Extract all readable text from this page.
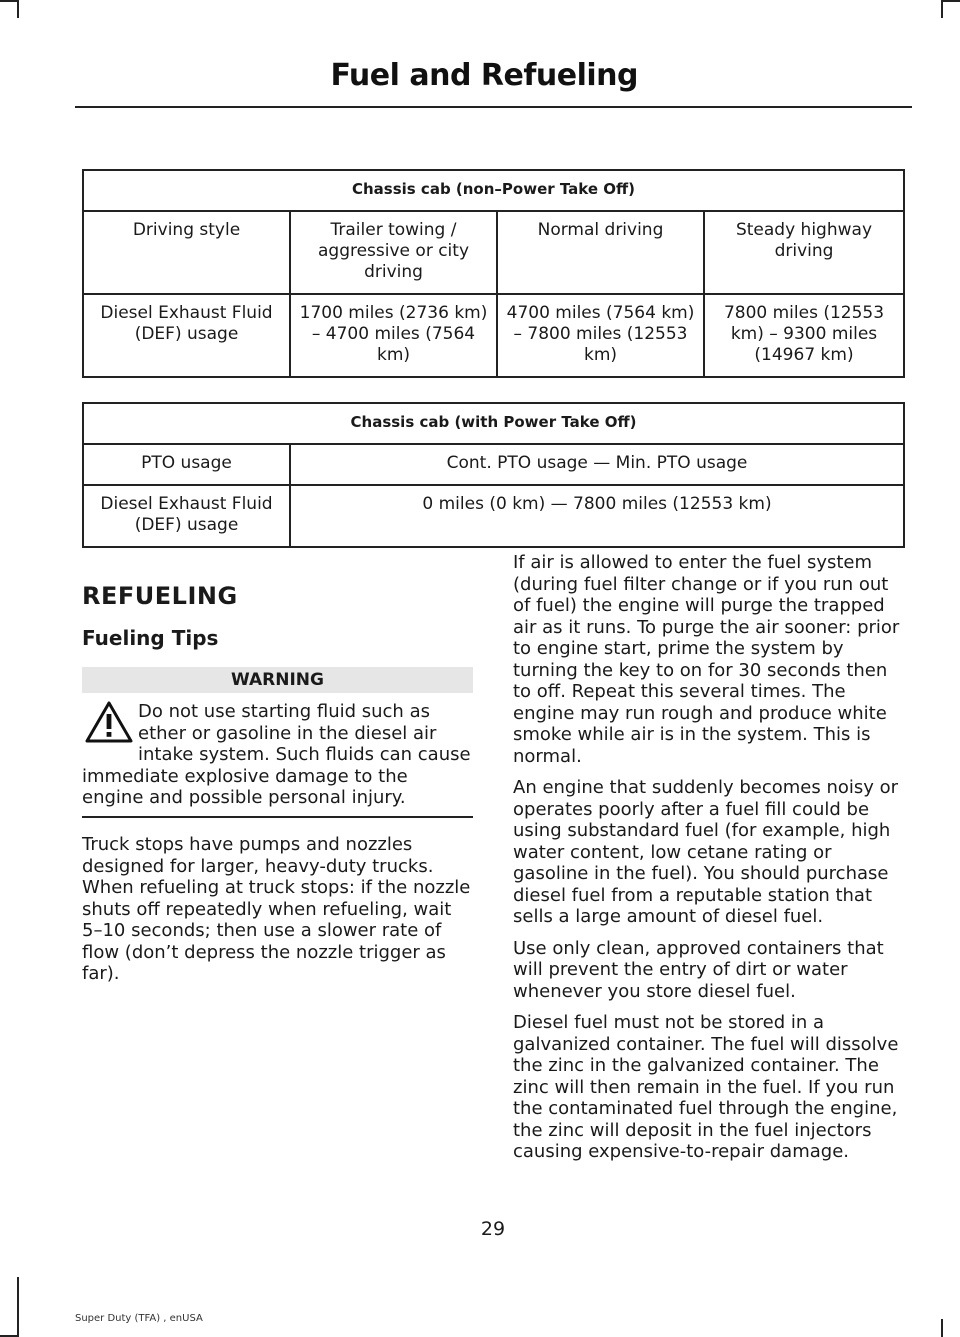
Fuel and Refueling
Chassis cab (non–Power Take Off)			
Driving style	Trailer towing / aggressive or city driving	Normal driving	Steady highway driving
Diesel Exhaust Fluid (DEF) usage	1700 miles (2736 km) – 4700 miles (7564 km)	4700 miles (7564 km) – 7800 miles (12553 km)	7800 miles (12553 km) – 9300 miles (14967 km)
Chassis cab (with Power Take Off)	
PTO usage	Cont. PTO usage — Min. PTO usage
Diesel Exhaust Fluid (DEF) usage	0 miles (0 km) — 7800 miles (12553 km)
REFUELING
Fueling Tips
WARNING
Do not use starting fluid such as ether or gasoline in the diesel air intake system. Such fluids can cause immediate explosive damage to the engine and possible personal injury.

Truck stops have pumps and nozzles designed for larger, heavy-duty trucks. When refueling at truck stops: if the nozzle shuts off repeatedly when refueling, wait 5–10 seconds; then use a slower rate of flow (don’t depress the nozzle trigger as far).

If air is allowed to enter the fuel system (during fuel filter change or if you run out of fuel) the engine will purge the trapped air as it runs. To purge the air sooner: prior to engine start, prime the system by turning the key to on for 30 seconds then to off. Repeat this several times. The engine may run rough and produce white smoke while air is in the system. This is normal.

An engine that suddenly becomes noisy or operates poorly after a fuel fill could be using substandard fuel (for example, high water content, low cetane rating or gasoline in the fuel). You should purchase diesel fuel from a reputable station that sells a large amount of diesel fuel.

Use only clean, approved containers that will prevent the entry of dirt or water whenever you store diesel fuel.

Diesel fuel must not be stored in a galvanized container. The fuel will dissolve the zinc in the galvanized container. The zinc will then remain in the fuel. If you run the contaminated fuel through the engine, the zinc will deposit in the fuel injectors causing expensive-to-repair damage.

29
Super Duty (TFA) , enUSA
